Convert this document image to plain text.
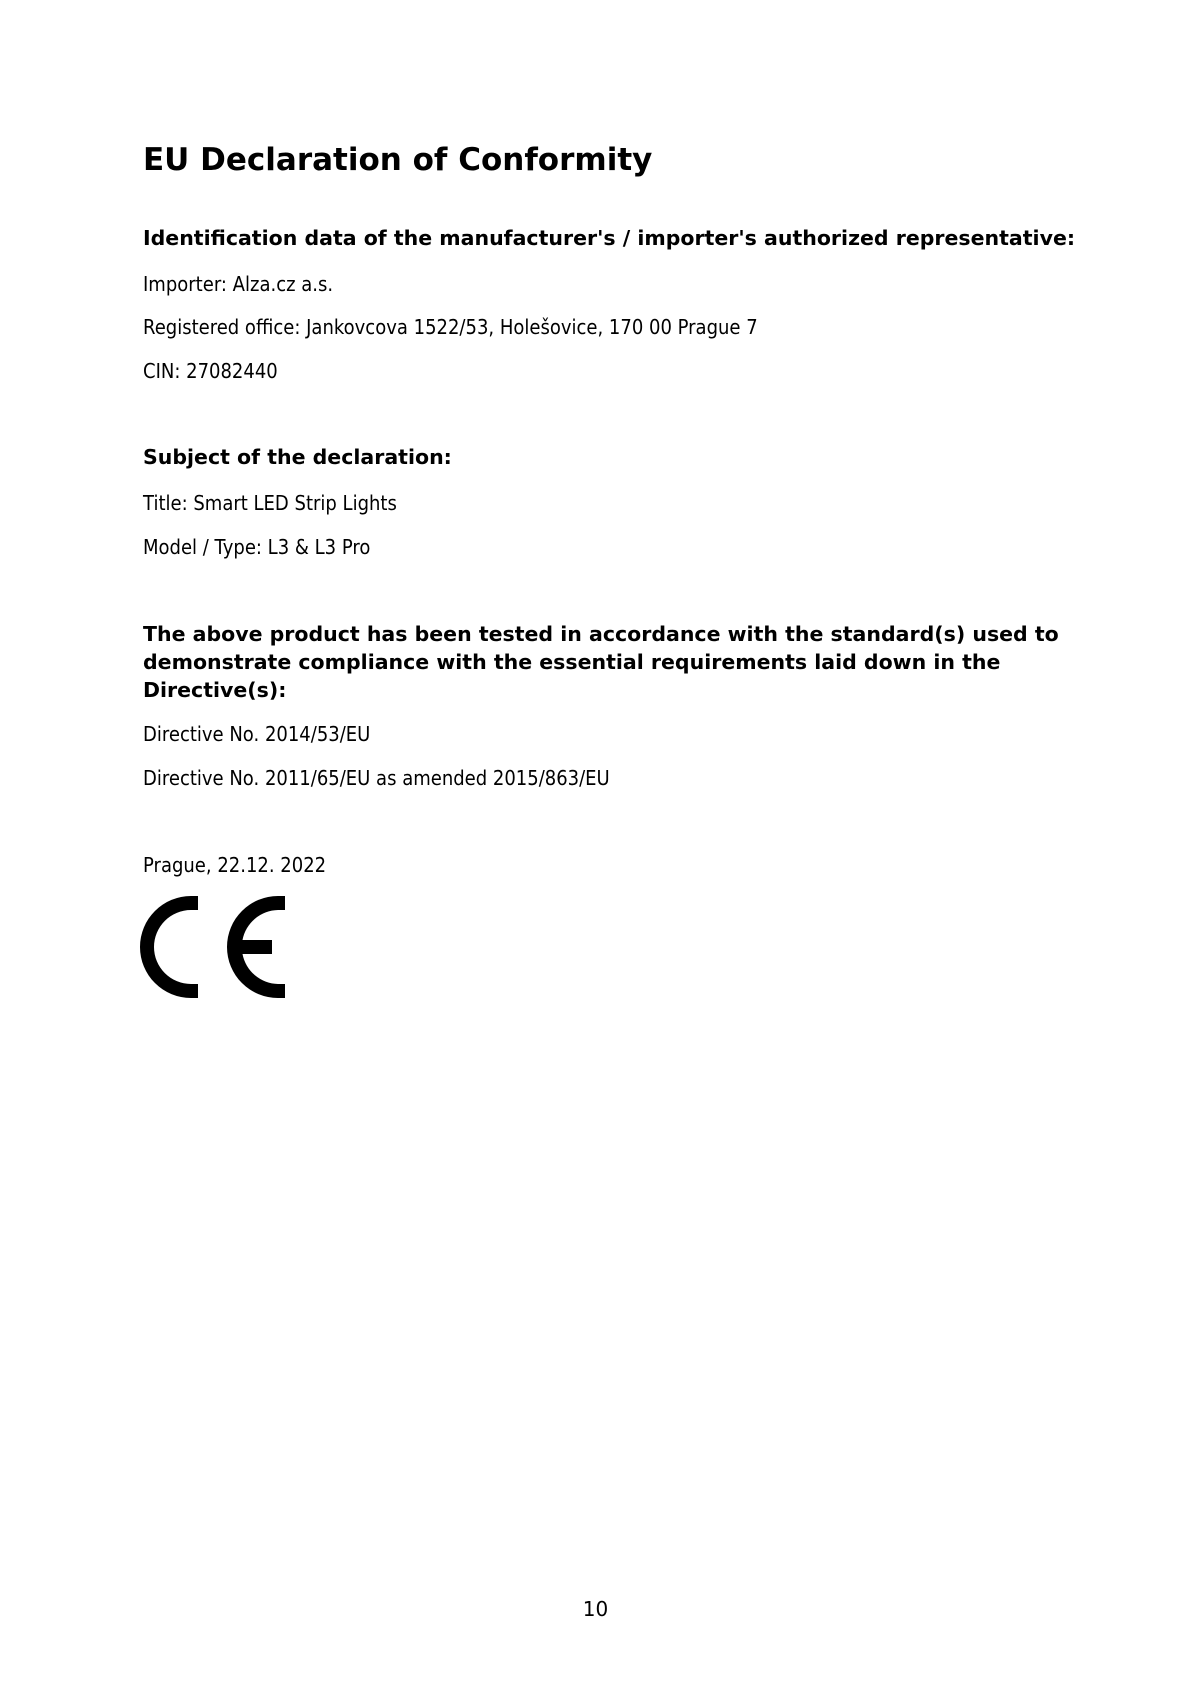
EU Declaration of Conformity

Identification data of the manufacturer's / importer's authorized representative:

Importer: Alza.cz a.s.

Registered office: Jankovcova 1522/53, Holešovice, 170 00 Prague 7

CIN: 27082440

Subject of the declaration:

Title: Smart LED Strip Lights

Model / Type: L3 & L3 Pro

The above product has been tested in accordance with the standard(s) used to demonstrate compliance with the essential requirements laid down in the Directive(s):

Directive No. 2014/53/EU

Directive No. 2011/65/EU as amended 2015/863/EU

Prague, 22.12. 2022

10
